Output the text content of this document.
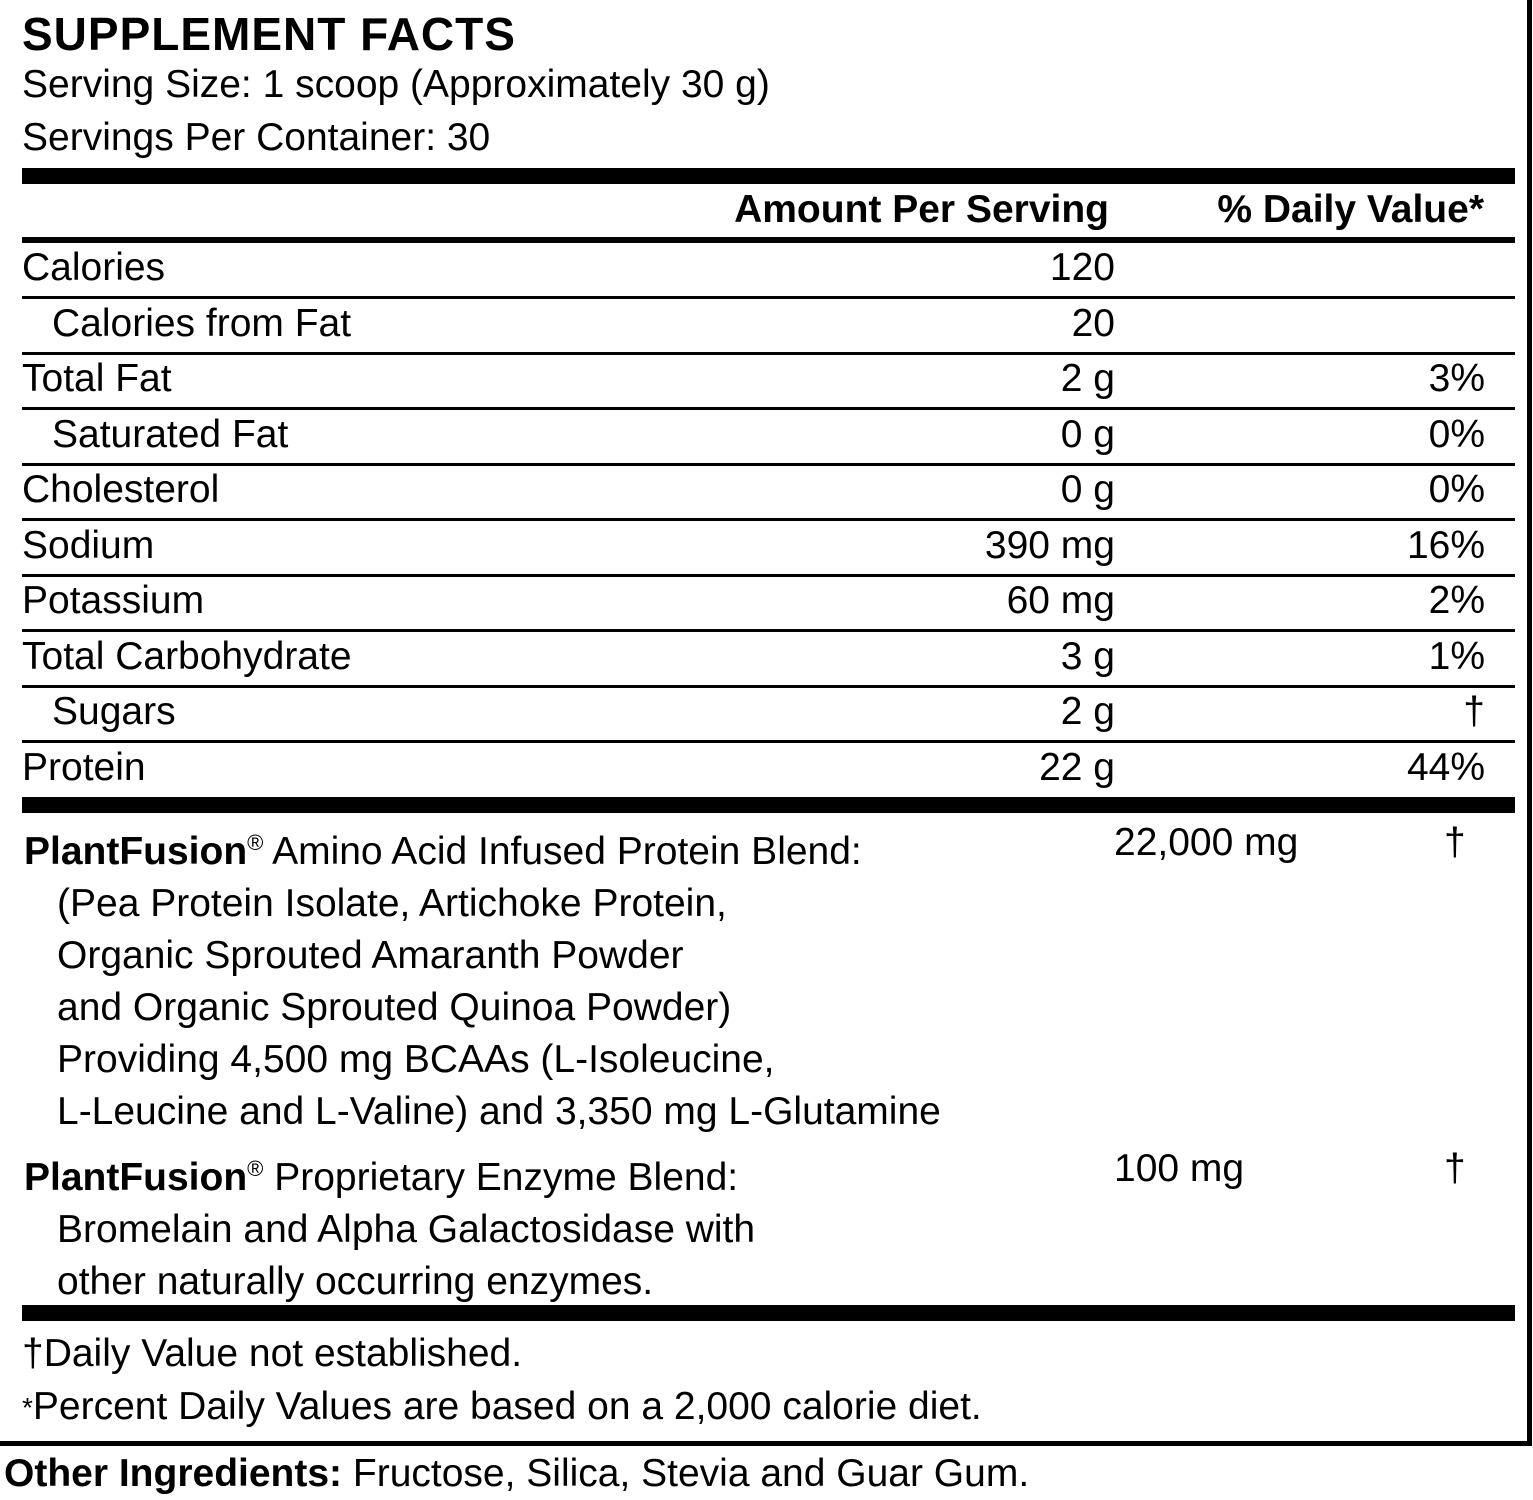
SUPPLEMENT FACTS
Serving Size: 1 scoop (Approximately 30 g)
Servings Per Container: 30
Amount Per Serving	% Daily Value*
Calories	120
Calories from Fat	20
Total Fat	2 g	3%
Saturated Fat	0 g	0%
Cholesterol	0 g	0%
Sodium	390 mg	16%
Potassium	60 mg	2%
Total Carbohydrate	3 g	1%
Sugars	2 g	†
Protein	22 g	44%
PlantFusion® Amino Acid Infused Protein Blend:
(Pea Protein Isolate, Artichoke Protein,
Organic Sprouted Amaranth Powder
and Organic Sprouted Quinoa Powder)
Providing 4,500 mg BCAAs (L-Isoleucine,
L-Leucine and L-Valine) and 3,350 mg L-Glutamine
22,000 mg	†
PlantFusion® Proprietary Enzyme Blend:
Bromelain and Alpha Galactosidase with
other naturally occurring enzymes.
100 mg	†
†Daily Value not established.
*Percent Daily Values are based on a 2,000 calorie diet.
Other Ingredients: Fructose, Silica, Stevia and Guar Gum.
